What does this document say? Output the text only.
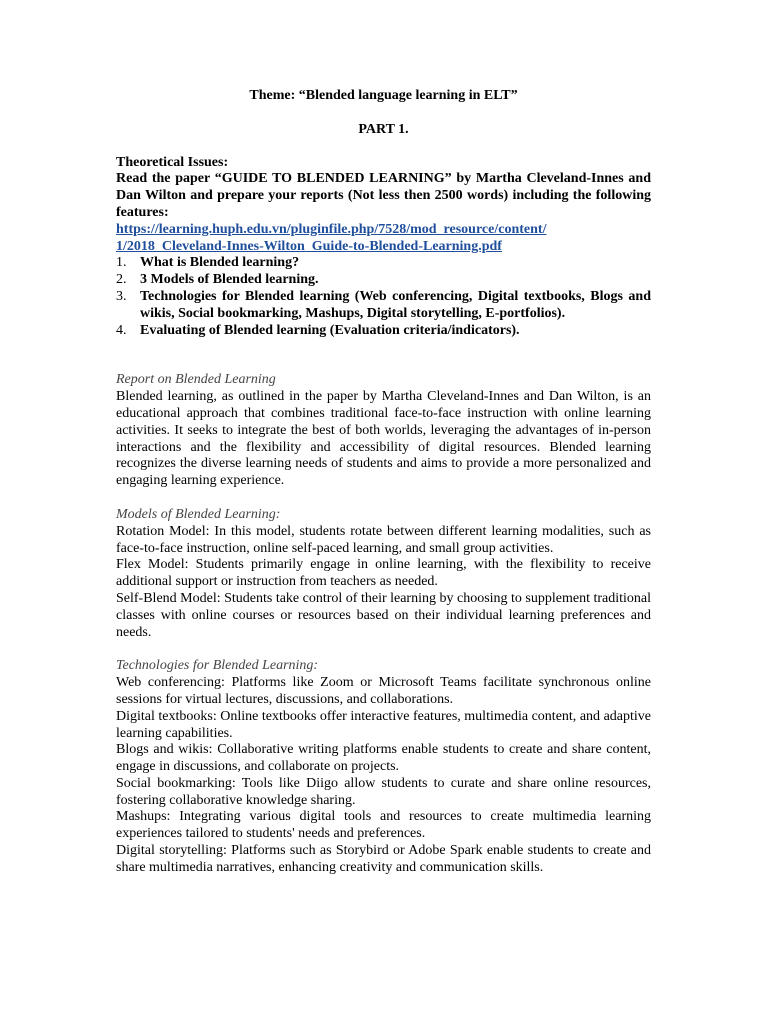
Theme: “Blended language learning in ELT”

PART 1.

Theoretical Issues:

Read the paper “GUIDE TO BLENDED LEARNING” by Martha Cleveland-Innes and Dan Wilton and prepare your reports (Not less then 2500 words) including the following features:

https://learning.huph.edu.vn/pluginfile.php/7528/mod_resource/content/
1/2018_Cleveland-Innes-Wilton_Guide-to-Blended-Learning.pdf
1. What is Blended learning?
2. 3 Models of Blended learning.
3. Technologies for Blended learning (Web conferencing, Digital textbooks, Blogs and wikis, Social bookmarking, Mashups, Digital storytelling, E-portfolios).
4. Evaluating of Blended learning (Evaluation criteria/indicators).

Report on Blended Learning

Blended learning, as outlined in the paper by Martha Cleveland-Innes and Dan Wilton, is an educational approach that combines traditional face-to-face instruction with online learning activities. It seeks to integrate the best of both worlds, leveraging the advantages of in-person interactions and the flexibility and accessibility of digital resources. Blended learning recognizes the diverse learning needs of students and aims to provide a more personalized and engaging learning experience.

Models of Blended Learning:

Rotation Model: In this model, students rotate between different learning modalities, such as face-to-face instruction, online self-paced learning, and small group activities.

Flex Model: Students primarily engage in online learning, with the flexibility to receive additional support or instruction from teachers as needed.

Self-Blend Model: Students take control of their learning by choosing to supplement traditional classes with online courses or resources based on their individual learning preferences and needs.

Technologies for Blended Learning:

Web conferencing: Platforms like Zoom or Microsoft Teams facilitate synchronous online sessions for virtual lectures, discussions, and collaborations.

Digital textbooks: Online textbooks offer interactive features, multimedia content, and adaptive learning capabilities.

Blogs and wikis: Collaborative writing platforms enable students to create and share content, engage in discussions, and collaborate on projects.

Social bookmarking: Tools like Diigo allow students to curate and share online resources, fostering collaborative knowledge sharing.

Mashups: Integrating various digital tools and resources to create multimedia learning experiences tailored to students' needs and preferences.

Digital storytelling: Platforms such as Storybird or Adobe Spark enable students to create and share multimedia narratives, enhancing creativity and communication skills.
